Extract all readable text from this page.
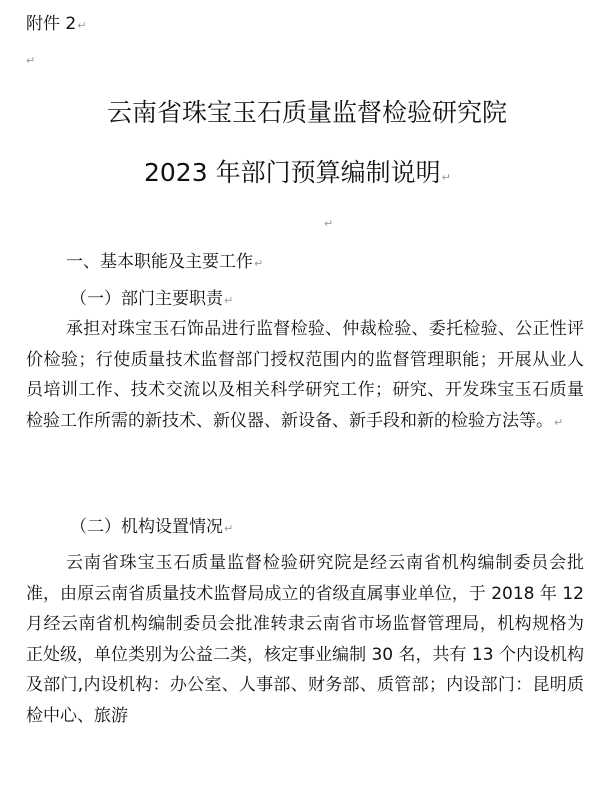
附件 2↵
↵
云南省珠宝玉石质量监督检验研究院
2023 年部门预算编制说明↵
↵
一、基本职能及主要工作↵
（一）部门主要职责↵
承担对珠宝玉石饰品进行监督检验、仲裁检验、委托检验、公正性评价检验；行使质量技术监督部门授权范围内的监督管理职能；开展从业人员培训工作、技术交流以及相关科学研究工作；研究、开发珠宝玉石质量检验工作所需的新技术、新仪器、新设备、新手段和新的检验方法等。↵
（二）机构设置情况↵
云南省珠宝玉石质量监督检验研究院是经云南省机构编制委员会批准，由原云南省质量技术监督局成立的省级直属事业单位，于 2018 年 12 月经云南省机构编制委员会批准转隶云南省市场监督管理局，机构规格为正处级，单位类别为公益二类，核定事业编制 30 名，共有 13 个内设机构及部门,内设机构：办公室、人事部、财务部、质管部；内设部门：昆明质检中心、旅游
